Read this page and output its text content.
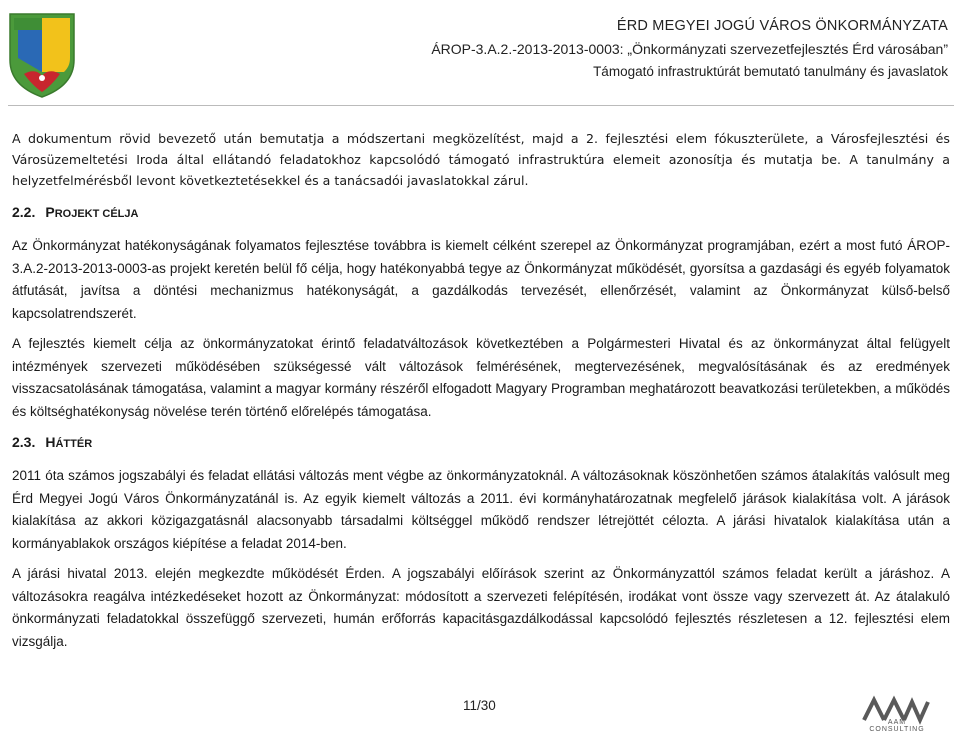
ÉRD MEGYEI JOGÚ VÁROS ÖNKORMÁNYZATA
ÁROP-3.A.2.-2013-2013-0003: „Önkormányzati szervezetfejlesztés Érd városában”
Támogató infrastruktúrát bemutató tanulmány és javaslatok

A dokumentum rövid bevezető után bemutatja a módszertani megközelítést, majd a 2. fejlesztési elem fókuszterülete, a Városfejlesztési és Városüzemeltetési Iroda által ellátandó feladatokhoz kapcsolódó támogató infrastruktúra elemeit azonosítja és mutatja be. A tanulmány a helyzetfelmérésből levont következtetésekkel és a tanácsadói javaslatokkal zárul.

2.2. PROJEKT CÉLJA

Az Önkormányzat hatékonyságának folyamatos fejlesztése továbbra is kiemelt célként szerepel az Önkormányzat programjában, ezért a most futó ÁROP-3.A.2-2013-2013-0003-as projekt keretén belül fő célja, hogy hatékonyabbá tegye az Önkormányzat működését, gyorsítsa a gazdasági és egyéb folyamatok átfutását, javítsa a döntési mechanizmus hatékonyságát, a gazdálkodás tervezését, ellenőrzését, valamint az Önkormányzat külső-belső kapcsolatrendszerét.

A fejlesztés kiemelt célja az önkormányzatokat érintő feladatváltozások következtében a Polgármesteri Hivatal és az önkormányzat által felügyelt intézmények szervezeti működésében szükségessé vált változások felmérésének, megtervezésének, megvalósításának és az eredmények visszacsatolásának támogatása, valamint a magyar kormány részéről elfogadott Magyary Programban meghatározott beavatkozási területekben, a működés és költséghatékonyság növelése terén történő előrelépés támogatása.

2.3. HÁTTÉR

2011 óta számos jogszabályi és feladat ellátási változás ment végbe az önkormányzatoknál. A változásoknak köszönhetően számos átalakítás valósult meg Érd Megyei Jogú Város Önkormányzatánál is. Az egyik kiemelt változás a 2011. évi kormányhatározatnak megfelelő járások kialakítása volt. A járások kialakítása az akkori közigazgatásnál alacsonyabb társadalmi költséggel működő rendszer létrejöttét célozta. A járási hivatalok kialakítása után a kormányablakok országos kiépítése a feladat 2014-ben.

A járási hivatal 2013. elején megkezdte működését Érden. A jogszabályi előírások szerint az Önkormányzattól számos feladat került a járáshoz. A változásokra reagálva intézkedéseket hozott az Önkormányzat: módosított a szervezeti felépítésén, irodákat vont össze vagy szervezett át. Az átalakuló önkormányzati feladatokkal összefüggő szervezeti, humán erőforrás kapacitásgazdálkodással kapcsolódó fejlesztés részletesen a 12. fejlesztési elem vizsgálja.

11/30
AAM CONSULTING
